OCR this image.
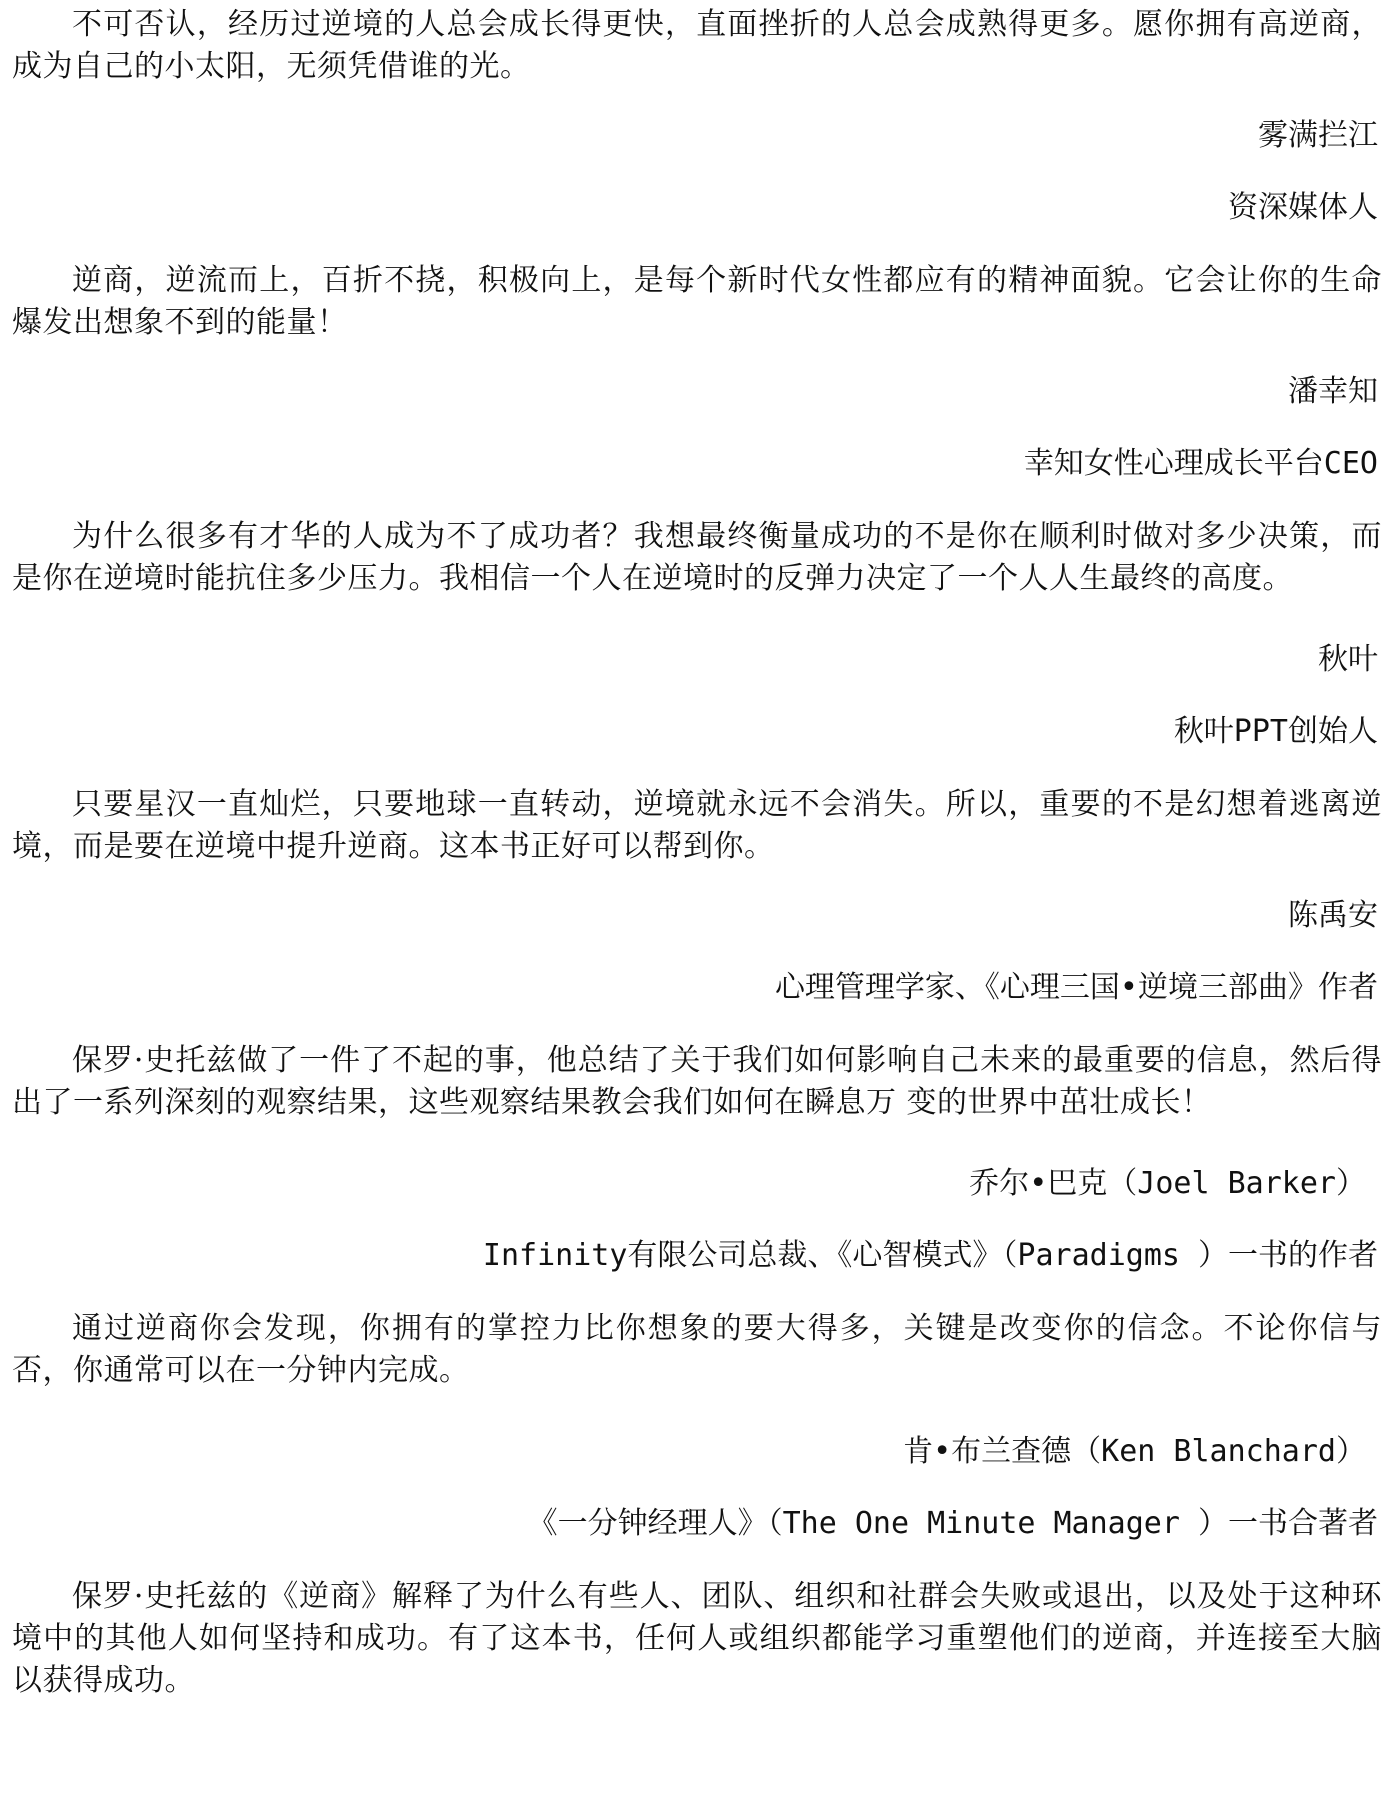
不可否认，经历过逆境的人总会成长得更快，直面挫折的人总会成熟得更多。愿你拥有高逆商，成为自己的小太阳，无须凭借谁的光。

雾满拦江

资深媒体人

逆商，逆流而上，百折不挠，积极向上，是每个新时代女性都应有的精神面貌。它会让你的生命爆发出想象不到的能量！

潘幸知

幸知女性心理成长平台CEO

为什么很多有才华的人成为不了成功者？我想最终衡量成功的不是你在顺利时做对多少决策，而是你在逆境时能抗住多少压力。我相信一个人在逆境时的反弹力决定了一个人人生最终的高度。

秋叶

秋叶PPT创始人

只要星汉一直灿烂，只要地球一直转动，逆境就永远不会消失。所以，重要的不是幻想着逃离逆境，而是要在逆境中提升逆商。这本书正好可以帮到你。

陈禹安

心理管理学家、《心理三国•逆境三部曲》作者

保罗·史托兹做了一件了不起的事，他总结了关于我们如何影响自己未来的最重要的信息，然后得出了一系列深刻的观察结果，这些观察结果教会我们如何在瞬息万 变的世界中茁壮成长！

乔尔•巴克（Joel Barker）

Infinity有限公司总裁、《心智模式》（Paradigms ）一书的作者

通过逆商你会发现，你拥有的掌控力比你想象的要大得多，关键是改变你的信念。不论你信与否，你通常可以在一分钟内完成。

肯•布兰查德（Ken Blanchard）

《一分钟经理人》（The One Minute Manager ）一书合著者

保罗·史托兹的《逆商》解释了为什么有些人、团队、组织和社群会失败或退出，以及处于这种环境中的其他人如何坚持和成功。有了这本书，任何人或组织都能学习重塑他们的逆商，并连接至大脑以获得成功。
